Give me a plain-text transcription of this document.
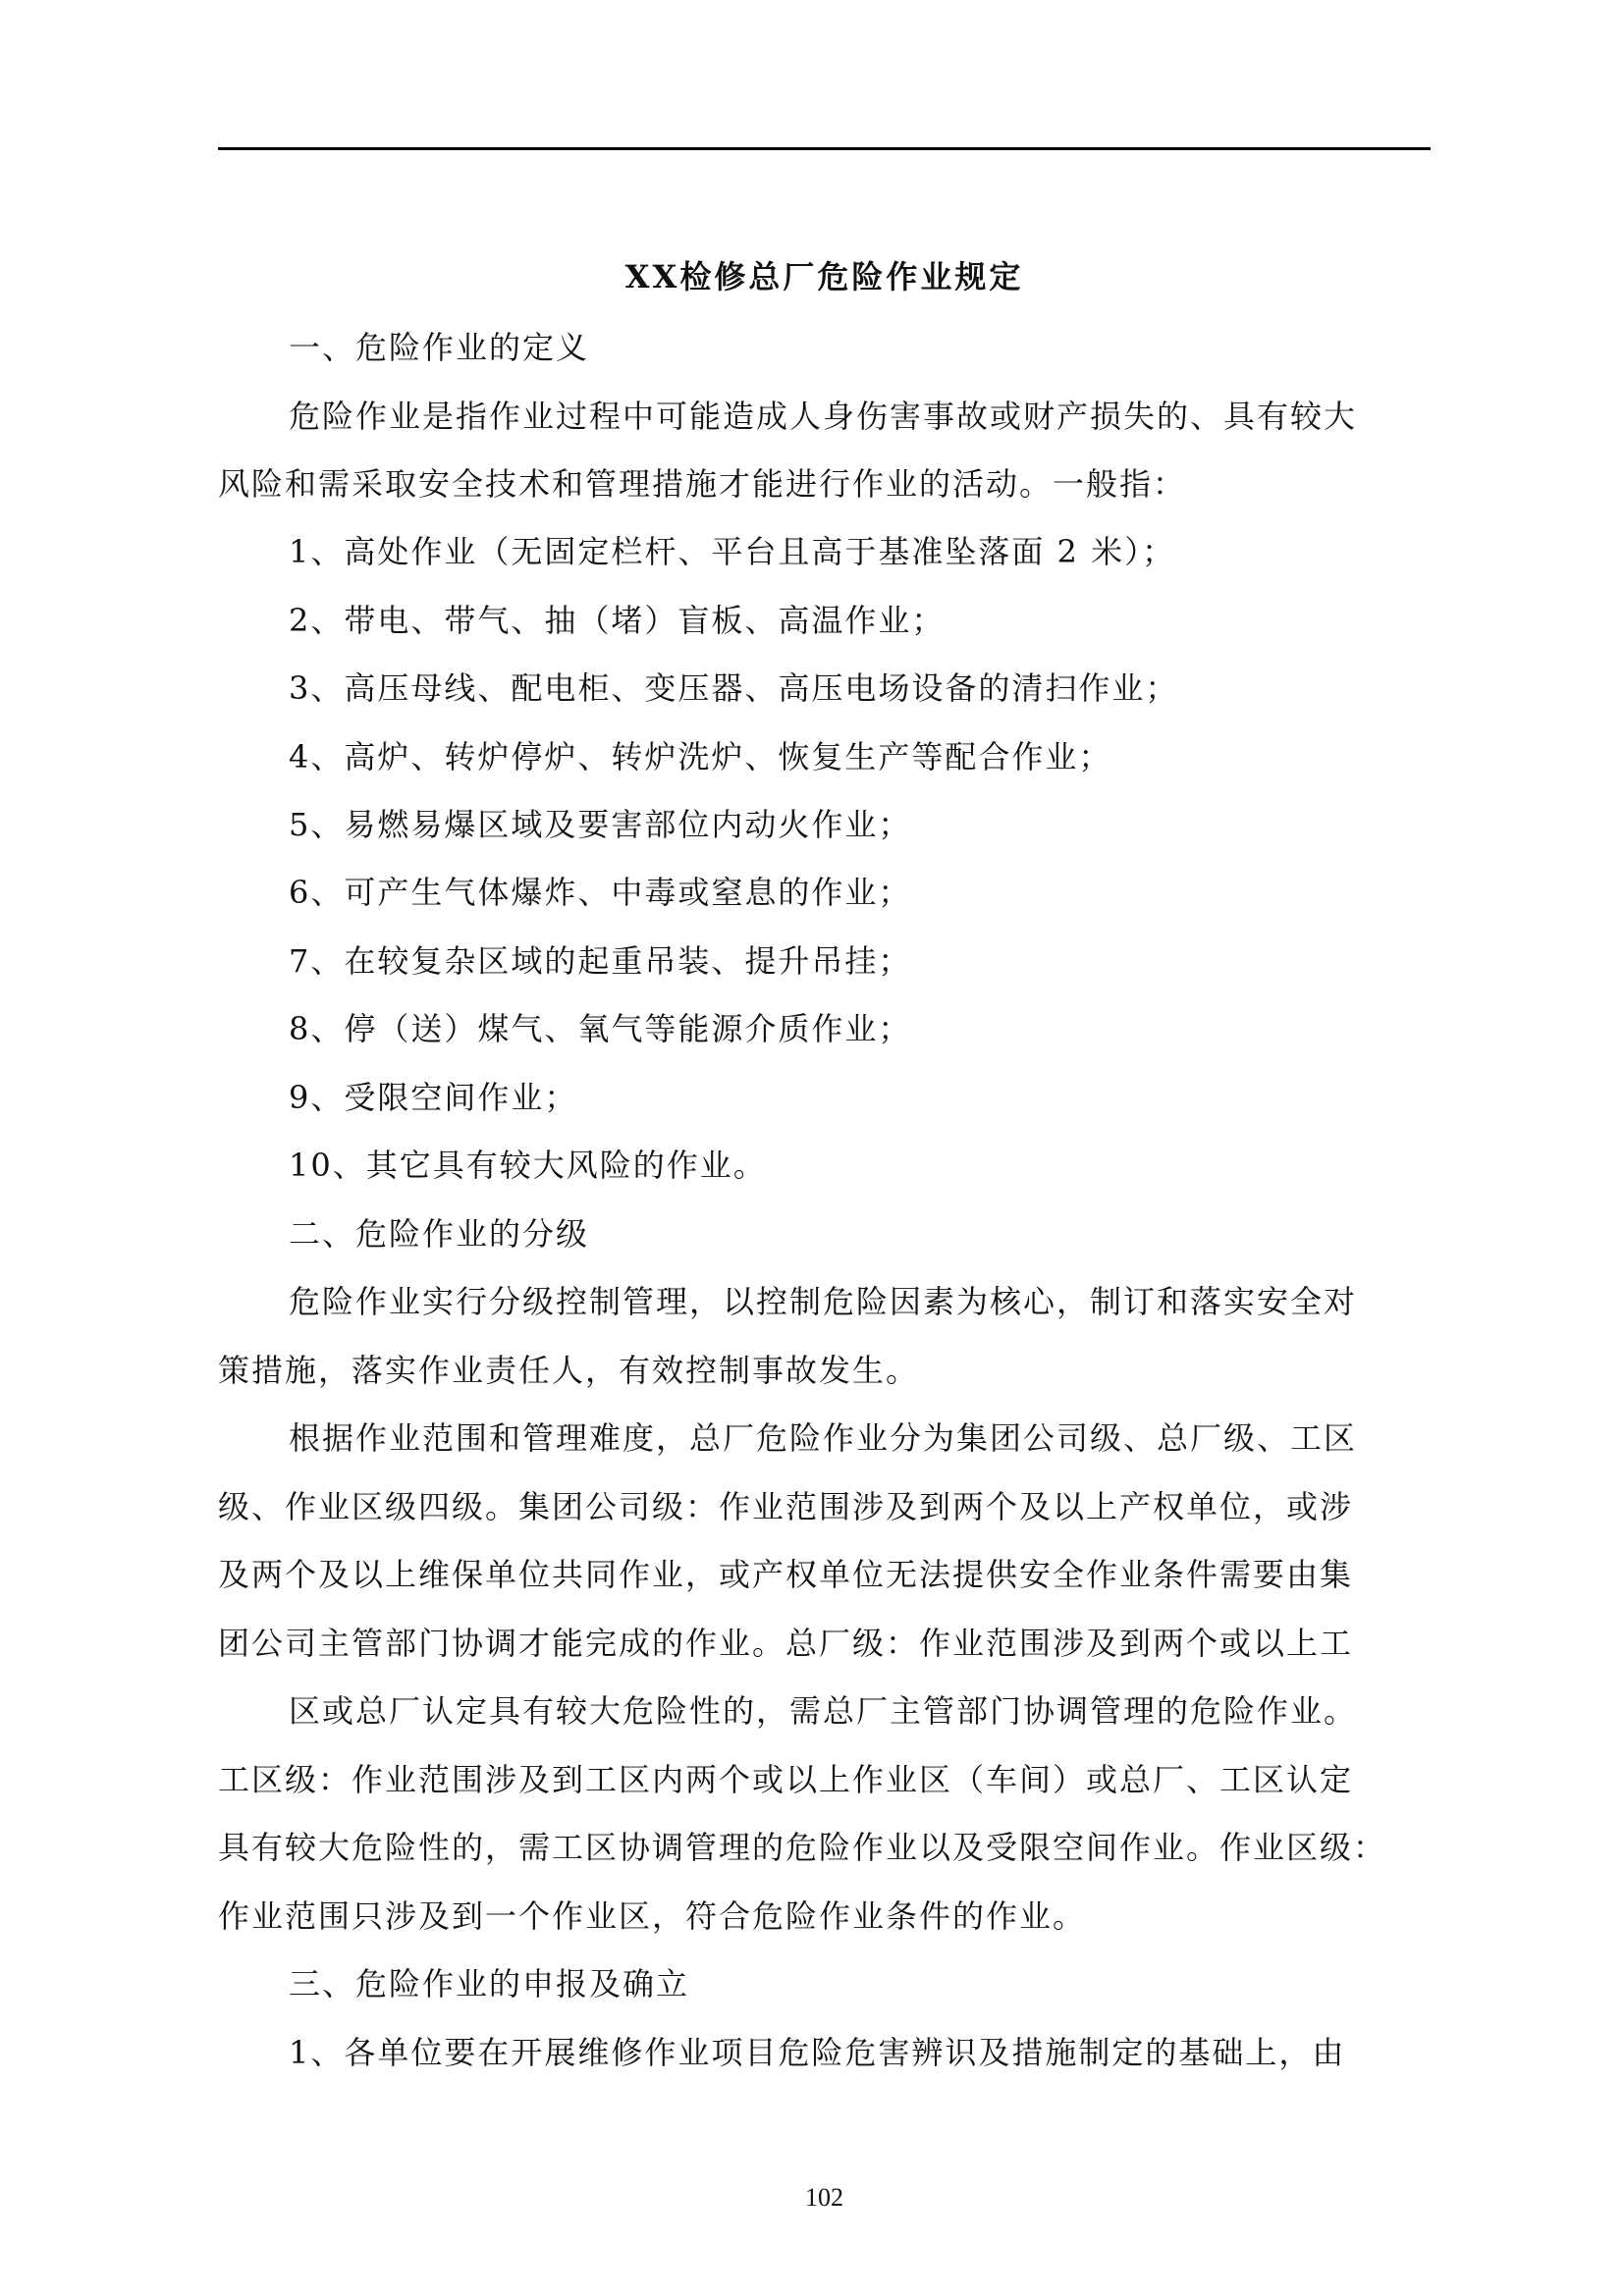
XX检修总厂危险作业规定
一、危险作业的定义
危险作业是指作业过程中可能造成人身伤害事故或财产损失的、具有较大
风险和需采取安全技术和管理措施才能进行作业的活动。一般指：
1、高处作业（无固定栏杆、平台且高于基准坠落面 2 米）；
2、带电、带气、抽（堵）盲板、高温作业；
3、高压母线、配电柜、变压器、高压电场设备的清扫作业；
4、高炉、转炉停炉、转炉洗炉、恢复生产等配合作业；
5、易燃易爆区域及要害部位内动火作业；
6、可产生气体爆炸、中毒或窒息的作业；
7、在较复杂区域的起重吊装、提升吊挂；
8、停（送）煤气、氧气等能源介质作业；
9、受限空间作业；
10、其它具有较大风险的作业。
二、危险作业的分级
危险作业实行分级控制管理，以控制危险因素为核心，制订和落实安全对
策措施，落实作业责任人，有效控制事故发生。
根据作业范围和管理难度，总厂危险作业分为集团公司级、总厂级、工区
级、作业区级四级。集团公司级：作业范围涉及到两个及以上产权单位，或涉
及两个及以上维保单位共同作业，或产权单位无法提供安全作业条件需要由集
团公司主管部门协调才能完成的作业。总厂级：作业范围涉及到两个或以上工
区或总厂认定具有较大危险性的，需总厂主管部门协调管理的危险作业。
工区级：作业范围涉及到工区内两个或以上作业区（车间）或总厂、工区认定
具有较大危险性的，需工区协调管理的危险作业以及受限空间作业。作业区级：
作业范围只涉及到一个作业区，符合危险作业条件的作业。
三、危险作业的申报及确立
1、各单位要在开展维修作业项目危险危害辨识及措施制定的基础上，由
102
